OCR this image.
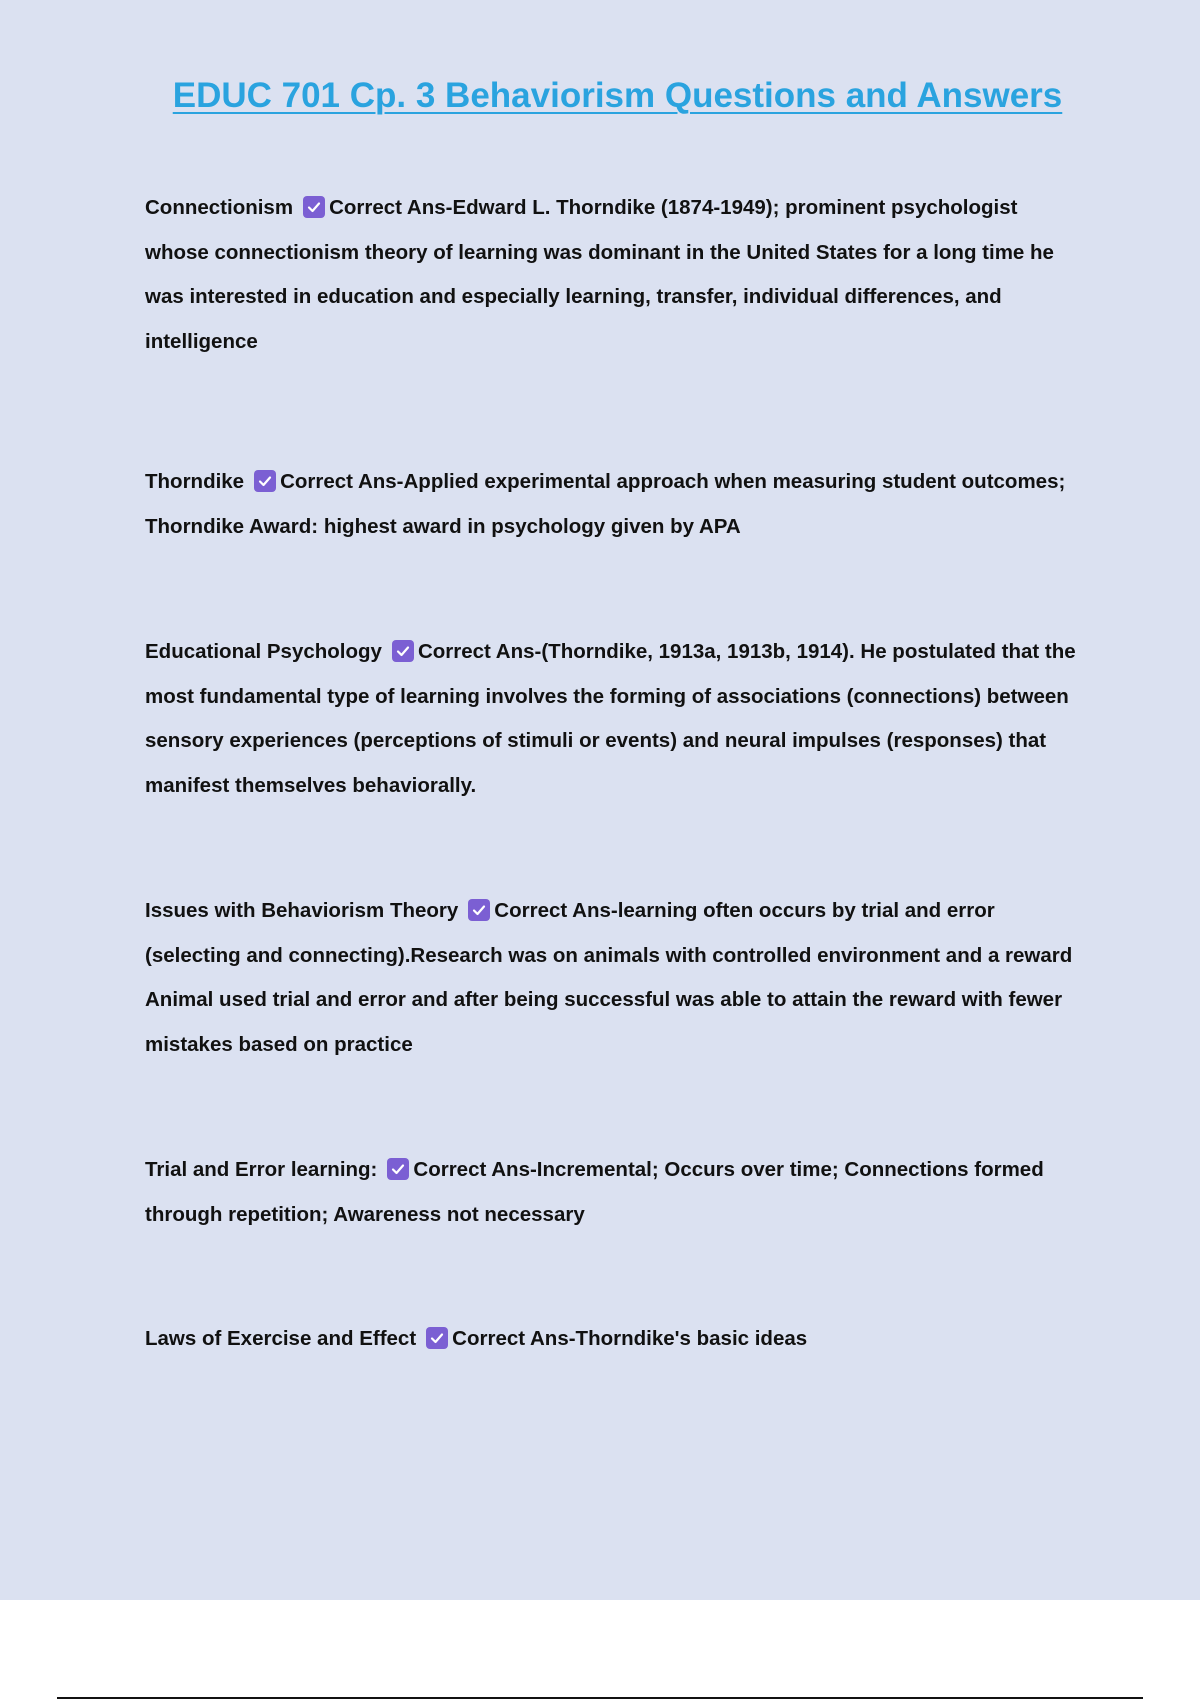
EDUC 701 Cp. 3 Behaviorism Questions and Answers

Connectionism Correct Ans-Edward L. Thorndike (1874-1949); prominent psychologist whose connectionism theory of learning was dominant in the United States for a long time he was interested in education and especially learning, transfer, individual differences, and intelligence

Thorndike Correct Ans-Applied experimental approach when measuring student outcomes; Thorndike Award: highest award in psychology given by APA

Educational Psychology Correct Ans-(Thorndike, 1913a, 1913b, 1914). He postulated that the most fundamental type of learning involves the forming of associations (connections) between sensory experiences (perceptions of stimuli or events) and neural impulses (responses) that manifest themselves behaviorally.

Issues with Behaviorism Theory Correct Ans-learning often occurs by trial and error (selecting and connecting).Research was on animals with controlled environment and a reward Animal used trial and error and after being successful was able to attain the reward with fewer mistakes based on practice

Trial and Error learning: Correct Ans-Incremental; Occurs over time; Connections formed through repetition; Awareness not necessary

Laws of Exercise and Effect Correct Ans-Thorndike's basic ideas
